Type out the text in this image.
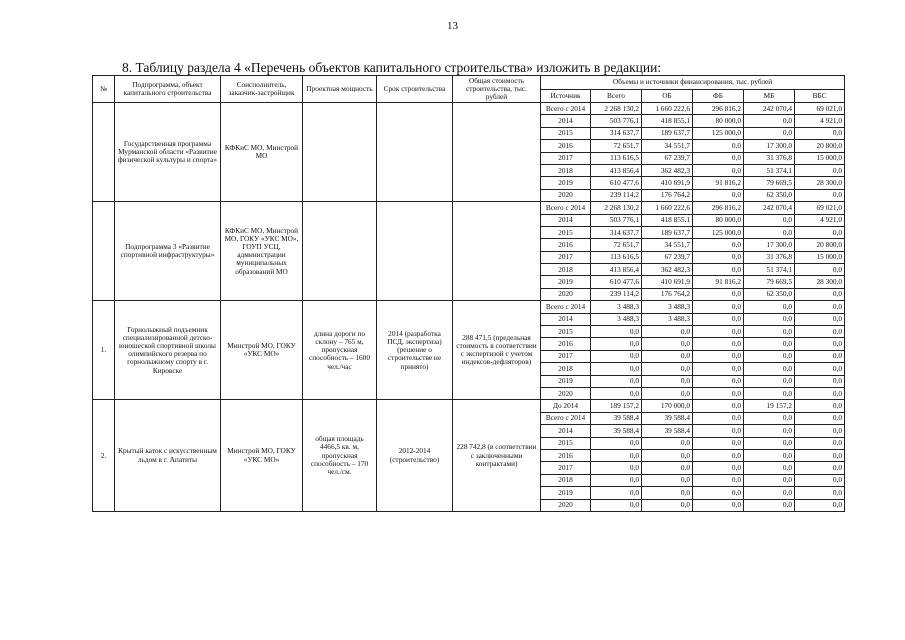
13
8. Таблицу раздела 4 «Перечень объектов капитального строительства» изложить в редакции:
№	Подпрограмма, объект капитального строительства	Соисполнитель, заказчик-застройщик	Проектная мощность	Срок строительства	Общая стоимость строительства, тыс. рублей	Объемы и источники финансирования, тыс. рублей					
						Источник	Всего	ОБ	ФБ	МБ	ВБС
	Государственная программа Мурманской области «Развитие физической культуры и спорта»	КФКиС МО, Минстрой МО				Всего с 2014	2 268 130,2	1 660 222,6	296 816,2	242 070,4	69 021,0
						2014	503 776,1	418 855,1	80 000,0	0,0	4 921,0
						2015	314 637,7	189 637,7	125 000,0	0,0	0,0
						2016	72 651,7	34 551,7	0,0	17 300,0	20 800,0
						2017	113 616,5	67 239,7	0,0	31 376,8	15 000,0
						2018	413 856,4	362 482,3	0,0	51 374,1	0,0
						2019	610 477,6	410 691,9	91 816,2	79 669,5	28 300,0
						2020	239 114,2	176 764,2	0,0	62 350,0	0,0
	Подпрограмма 3 «Развитие спортивной инфраструктуры»	КФКиС МО, Минстрой МО, ГОКУ «УКС МО», ГОУП УСЦ, администрации муниципальных образований МО				Всего с 2014	2 268 130,2	1 660 222,6	296 816,2	242 070,4	69 021,0
						2014	503 776,1	418 855,1	80 000,0	0,0	4 921,0
						2015	314 637,7	189 637,7	125 000,0	0,0	0,0
						2016	72 651,7	34 551,7	0,0	17 300,0	20 800,0
						2017	113 616,5	67 239,7	0,0	31 376,8	15 000,0
						2018	413 856,4	362 482,3	0,0	51 374,1	0,0
						2019	610 477,6	410 691,9	91 816,2	79 669,5	28 300,0
						2020	239 114,2	176 764,2	0,0	62 350,0	0,0
1.	Горнолыжный подъемник специализированной детско-юношеской спортивной школы олимпийского резерва по горнолыжному спорту в г. Кировске	Минстрой МО, ГОКУ «УКС МО»	длина дороги по склону – 765 м, пропускная способность – 1600 чел./час	2014 (разработка ПСД, экспертиза) (решение о строительстве не принято)	288 471,5 (предельная стоимость в соответствии с экспертизой с учетом индексов-дефляторов)	Всего с 2014	3 488,3	3 488,3	0,0	0,0	0,0
						2014	3 488,3	3 488,3	0,0	0,0	0,0
						2015	0,0	0,0	0,0	0,0	0,0
						2016	0,0	0,0	0,0	0,0	0,0
						2017	0,0	0,0	0,0	0,0	0,0
						2018	0,0	0,0	0,0	0,0	0,0
						2019	0,0	0,0	0,0	0,0	0,0
						2020	0,0	0,0	0,0	0,0	0,0
2.	Крытый каток с искусственным льдом в г. Апатиты	Минстрой МО, ГОКУ «УКС МО»	общая площадь 4466,5 кв. м, пропускная способность – 170 чел./см.	2012-2014 (строительство)	228 742,8 (в соответствии с заключенными контрактами)	До 2014	189 157,2	170 000,0	0,0	19 157,2	0,0
						Всего с 2014	39 588,4	39 588,4	0,0	0,0	0,0
						2014	39 588,4	39 588,4	0,0	0,0	0,0
						2015	0,0	0,0	0,0	0,0	0,0
						2016	0,0	0,0	0,0	0,0	0,0
						2017	0,0	0,0	0,0	0,0	0,0
						2018	0,0	0,0	0,0	0,0	0,0
						2019	0,0	0,0	0,0	0,0	0,0
						2020	0,0	0,0	0,0	0,0	0,0
